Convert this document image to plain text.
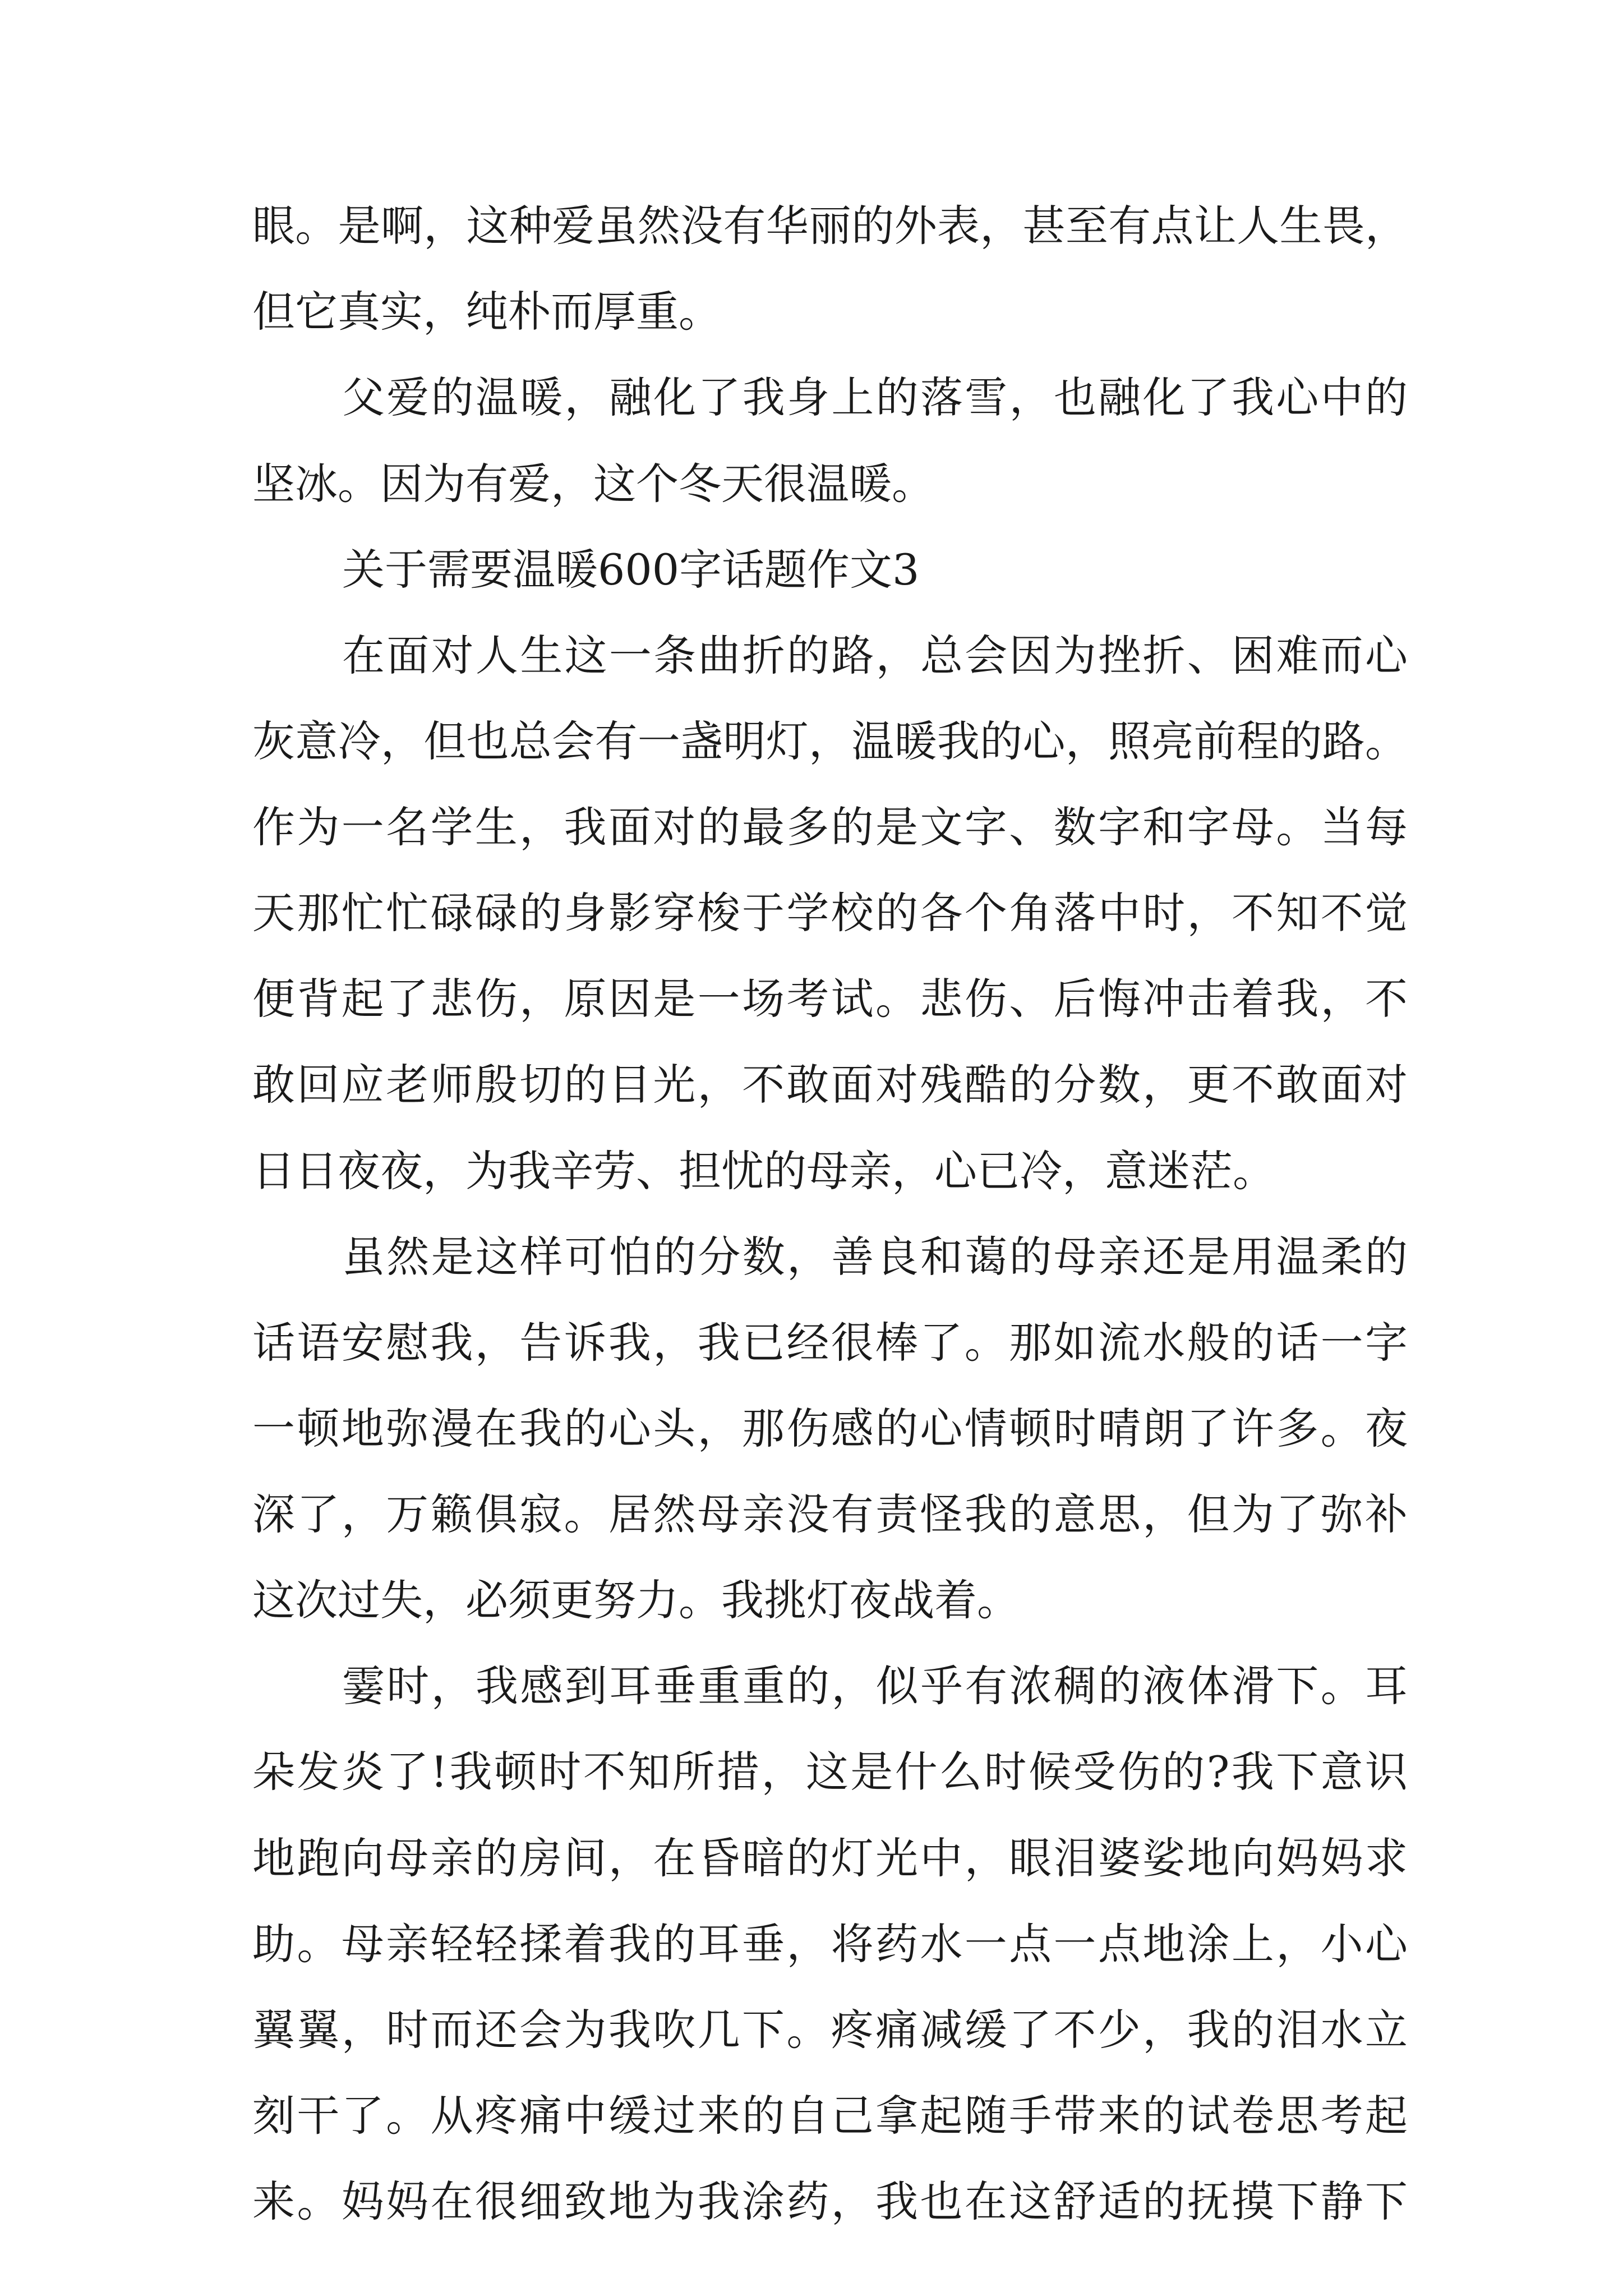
眼。是啊，这种爱虽然没有华丽的外表，甚至有点让人生畏，

但它真实，纯朴而厚重。

父爱的温暖，融化了我身上的落雪，也融化了我心中的

坚冰。因为有爱，这个冬天很温暖。

关于需要温暖600字话题作文3

在面对人生这一条曲折的路，总会因为挫折、困难而心

灰意冷，但也总会有一盏明灯，温暖我的心，照亮前程的路。

作为一名学生，我面对的最多的是文字、数字和字母。当每

天那忙忙碌碌的身影穿梭于学校的各个角落中时，不知不觉

便背起了悲伤，原因是一场考试。悲伤、后悔冲击着我，不

敢回应老师殷切的目光，不敢面对残酷的分数，更不敢面对

日日夜夜，为我辛劳、担忧的母亲，心已冷，意迷茫。

虽然是这样可怕的分数，善良和蔼的母亲还是用温柔的

话语安慰我，告诉我，我已经很棒了。那如流水般的话一字

一顿地弥漫在我的心头，那伤感的心情顿时晴朗了许多。夜

深了，万籁俱寂。居然母亲没有责怪我的意思，但为了弥补

这次过失，必须更努力。我挑灯夜战着。

霎时，我感到耳垂重重的，似乎有浓稠的液体滑下。耳

朵发炎了!我顿时不知所措，这是什么时候受伤的?我下意识

地跑向母亲的房间，在昏暗的灯光中，眼泪婆娑地向妈妈求

助。母亲轻轻揉着我的耳垂，将药水一点一点地涂上，小心

翼翼，时而还会为我吹几下。疼痛减缓了不少，我的泪水立

刻干了。从疼痛中缓过来的自己拿起随手带来的试卷思考起

来。妈妈在很细致地为我涂药，我也在这舒适的抚摸下静下
